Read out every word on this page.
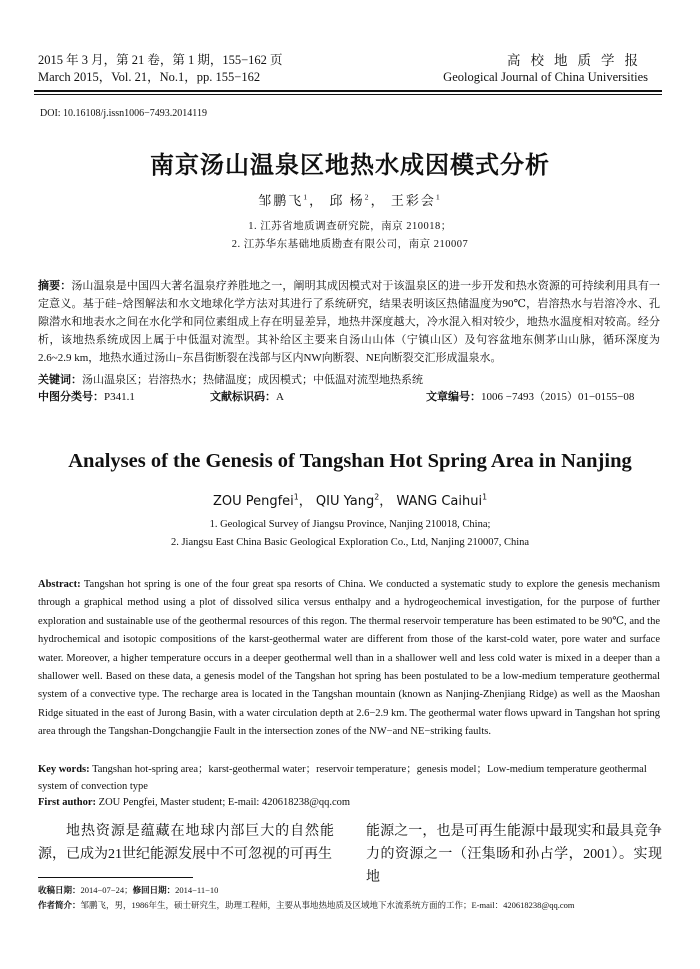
2015 年 3 月，第 21 卷，第 1 期，155−162 页
March 2015，Vol. 21，No.1，pp. 155−162
高校地质学报
Geological Journal of China Universities
DOI: 10.16108/j.issn1006−7493.2014119
南京汤山温泉区地热水成因模式分析
邹鹏飞$^1$， 邱 杨$^2$， 王彩会$^1$
1. 江苏省地质调查研究院，南京 210018；
2. 江苏华东基础地质勘查有限公司，南京 210007
摘要：汤山温泉是中国四大著名温泉疗养胜地之一，阐明其成因模式对于该温泉区的进一步开发和热水资源的可持续利用具有一定意义。基于硅−焓图解法和水文地球化学方法对其进行了系统研究，结果表明该区热储温度为90℃，岩溶热水与岩溶冷水、孔隙潜水和地表水之间在水化学和同位素组成上存在明显差异，地热井深度越大，冷水混入相对较少，地热水温度相对较高。经分析，该地热系统成因上属于中低温对流型。其补给区主要来自汤山山体（宁镇山区）及句容盆地东侧茅山山脉，循环深度为2.6~2.9 km，地热水通过汤山−东昌街断裂在浅部与区内NW向断裂、NE向断裂交汇形成温泉水。
关键词：汤山温泉区；岩溶热水；热储温度；成因模式；中低温对流型地热系统
中图分类号：P341.1	文献标识码：A	文章编号：1006 −7493（2015）01−0155−08
Analyses of the Genesis of Tangshan Hot Spring Area in Nanjing
ZOU Pengfei$^1$， QIU Yang$^2$， WANG Caihui$^1$
1. Geological Survey of Jiangsu Province, Nanjing 210018, China;
2. Jiangsu East China Basic Geological Exploration Co., Ltd, Nanjing 210007, China
Abstract: Tangshan hot spring is one of the four great spa resorts of China. We conducted a systematic study to explore the genesis mechanism through a graphical method using a plot of dissolved silica versus enthalpy and a hydrogeochemical investigation, for the purpose of further exploration and sustainable use of the geothermal resources of this regon. The thermal reservoir temperature has been estimated to be 90℃, and the hydrochemical and isotopic compositions of the karst-geothermal water are different from those of the karst-cold water, pore water and surface water. Moreover, a higher temperature occurs in a deeper geothermal well than in a shallower well and less cold water is mixed in a deeper than a shallower well. Based on these data, a genesis model of the Tangshan hot spring has been postulated to be a low-medium temperature geothermal system of a convective type. The recharge area is located in the Tangshan mountain (known as Nanjing-Zhenjiang Ridge) as well as the Maoshan Ridge situated in the east of Jurong Basin, with a water circulation depth at 2.6−2.9 km. The geothermal water flows upward in Tangshan hot spring area through the Tangshan-Dongchangjie Fault in the intersection zones of the NW−and NE−striking faults.
Key words: Tangshan hot-spring area；karst-geothermal water；reservoir temperature；genesis model；Low-medium temperature geothermal system of convection type
First author: ZOU Pengfei, Master student; E-mail: 420618238@qq.com
地热资源是蕴藏在地球内部巨大的自然能源，已成为21世纪能源发展中不可忽视的可再生
能源之一，也是可再生能源中最现实和最具竞争力的资源之一（汪集旸和孙占学，2001）。实现地
收稿日期：2014−07−24；修回日期：2014−11−10
作者简介：邹鹏飞，男，1986年生，硕士研究生，助理工程师，主要从事地热地质及区域地下水流系统方面的工作；E-mail：420618238@qq.com
